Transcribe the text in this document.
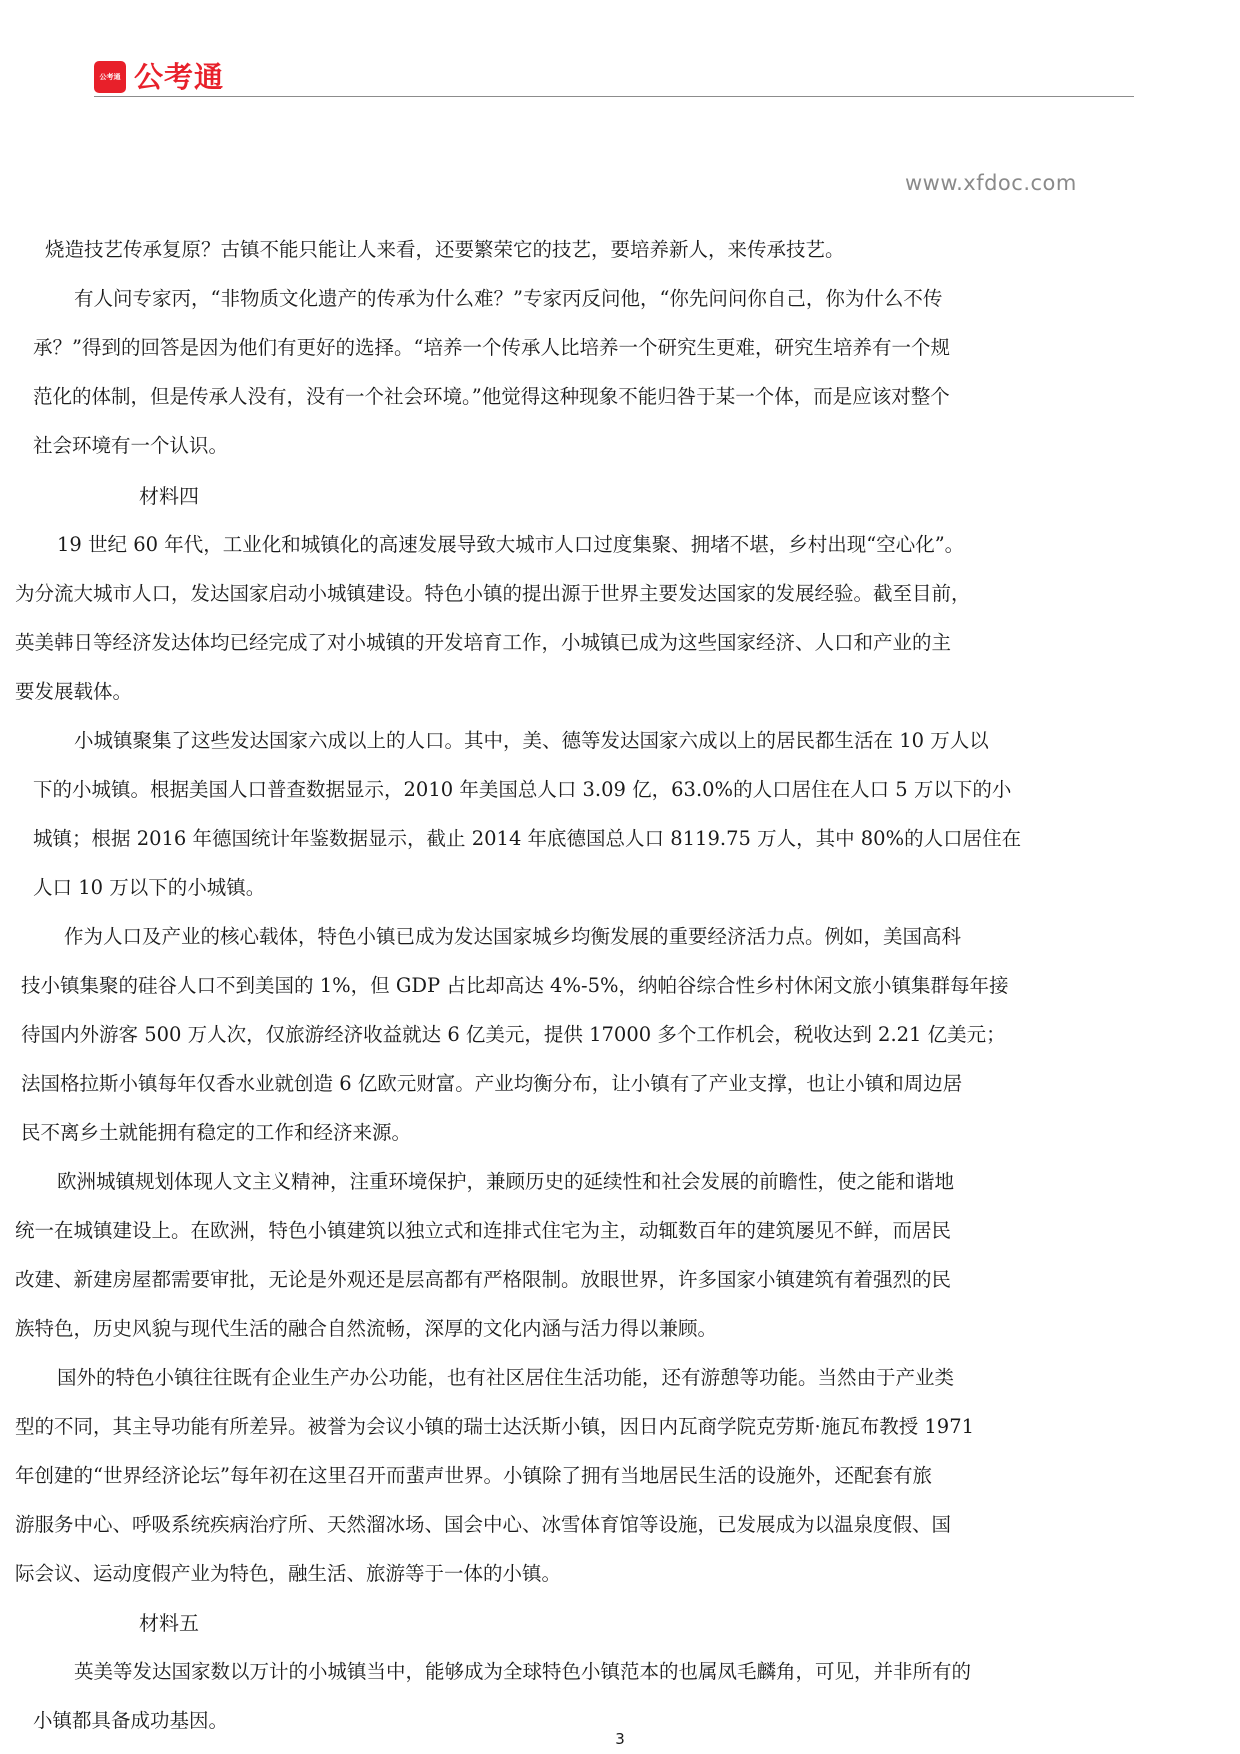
公考通 公考通
www.xfdoc.com

烧造技艺传承复原？古镇不能只能让人来看，还要繁荣它的技艺，要培养新人，来传承技艺。

有人问专家丙，“非物质文化遗产的传承为什么难？”专家丙反问他，“你先问问你自己，你为什么不传

承？”得到的回答是因为他们有更好的选择。“培养一个传承人比培养一个研究生更难，研究生培养有一个规

范化的体制，但是传承人没有，没有一个社会环境。”他觉得这种现象不能归咎于某一个体，而是应该对整个

社会环境有一个认识。

材料四

19 世纪 60 年代，工业化和城镇化的高速发展导致大城市人口过度集聚、拥堵不堪，乡村出现“空心化”。

为分流大城市人口，发达国家启动小城镇建设。特色小镇的提出源于世界主要发达国家的发展经验。截至目前，

英美韩日等经济发达体均已经完成了对小城镇的开发培育工作，小城镇已成为这些国家经济、人口和产业的主

要发展载体。

小城镇聚集了这些发达国家六成以上的人口。其中，美、德等发达国家六成以上的居民都生活在 10 万人以

下的小城镇。根据美国人口普查数据显示，2010 年美国总人口 3.09 亿，63.0%的人口居住在人口 5 万以下的小

城镇；根据 2016 年德国统计年鉴数据显示，截止 2014 年底德国总人口 8119.75 万人，其中 80%的人口居住在

人口 10 万以下的小城镇。

作为人口及产业的核心载体，特色小镇已成为发达国家城乡均衡发展的重要经济活力点。例如，美国高科

技小镇集聚的硅谷人口不到美国的 1%，但 GDP 占比却高达 4%-5%，纳帕谷综合性乡村休闲文旅小镇集群每年接

待国内外游客 500 万人次，仅旅游经济收益就达 6 亿美元，提供 17000 多个工作机会，税收达到 2.21 亿美元；

法国格拉斯小镇每年仅香水业就创造 6 亿欧元财富。产业均衡分布，让小镇有了产业支撑，也让小镇和周边居

民不离乡土就能拥有稳定的工作和经济来源。

欧洲城镇规划体现人文主义精神，注重环境保护，兼顾历史的延续性和社会发展的前瞻性，使之能和谐地

统一在城镇建设上。在欧洲，特色小镇建筑以独立式和连排式住宅为主，动辄数百年的建筑屡见不鲜，而居民

改建、新建房屋都需要审批，无论是外观还是层高都有严格限制。放眼世界，许多国家小镇建筑有着强烈的民

族特色，历史风貌与现代生活的融合自然流畅，深厚的文化内涵与活力得以兼顾。

国外的特色小镇往往既有企业生产办公功能，也有社区居住生活功能，还有游憩等功能。当然由于产业类

型的不同，其主导功能有所差异。被誉为会议小镇的瑞士达沃斯小镇，因日内瓦商学院克劳斯·施瓦布教授 1971

年创建的“世界经济论坛”每年初在这里召开而蜚声世界。小镇除了拥有当地居民生活的设施外，还配套有旅

游服务中心、呼吸系统疾病治疗所、天然溜冰场、国会中心、冰雪体育馆等设施，已发展成为以温泉度假、国

际会议、运动度假产业为特色，融生活、旅游等于一体的小镇。

材料五

英美等发达国家数以万计的小城镇当中，能够成为全球特色小镇范本的也属凤毛麟角，可见，并非所有的

小镇都具备成功基因。

3
